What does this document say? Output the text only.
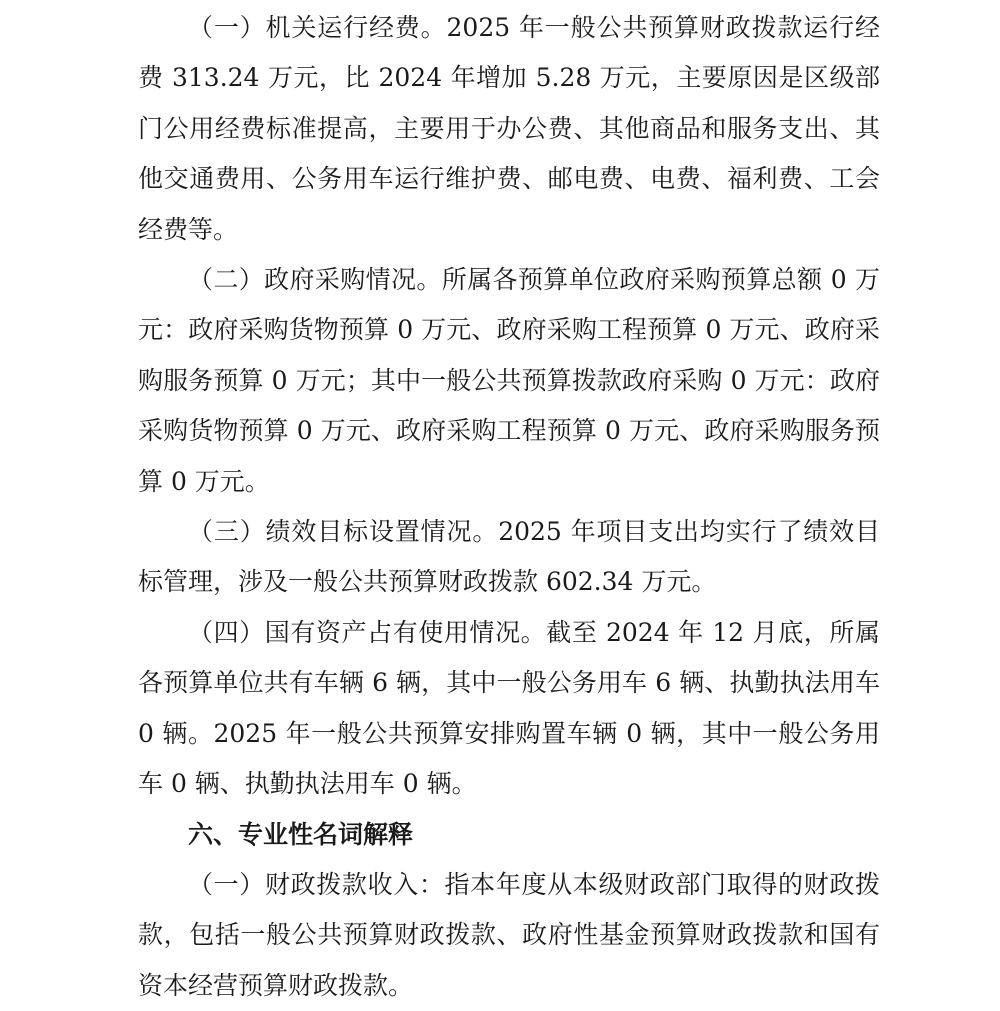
（一）机关运行经费。2025 年一般公共预算财政拨款运行经费 313.24 万元，比 2024 年增加 5.28 万元，主要原因是区级部门公用经费标准提高，主要用于办公费、其他商品和服务支出、其他交通费用、公务用车运行维护费、邮电费、电费、福利费、工会经费等。

（二）政府采购情况。所属各预算单位政府采购预算总额 0 万元：政府采购货物预算 0 万元、政府采购工程预算 0 万元、政府采购服务预算 0 万元；其中一般公共预算拨款政府采购 0 万元：政府采购货物预算 0 万元、政府采购工程预算 0 万元、政府采购服务预算 0 万元。

（三）绩效目标设置情况。2025 年项目支出均实行了绩效目标管理，涉及一般公共预算财政拨款 602.34 万元。

（四）国有资产占有使用情况。截至 2024 年 12 月底，所属各预算单位共有车辆 6 辆，其中一般公务用车 6 辆、执勤执法用车 0 辆。2025 年一般公共预算安排购置车辆 0 辆，其中一般公务用车 0 辆、执勤执法用车 0 辆。

六、专业性名词解释

（一）财政拨款收入：指本年度从本级财政部门取得的财政拨款，包括一般公共预算财政拨款、政府性基金预算财政拨款和国有资本经营预算财政拨款。
